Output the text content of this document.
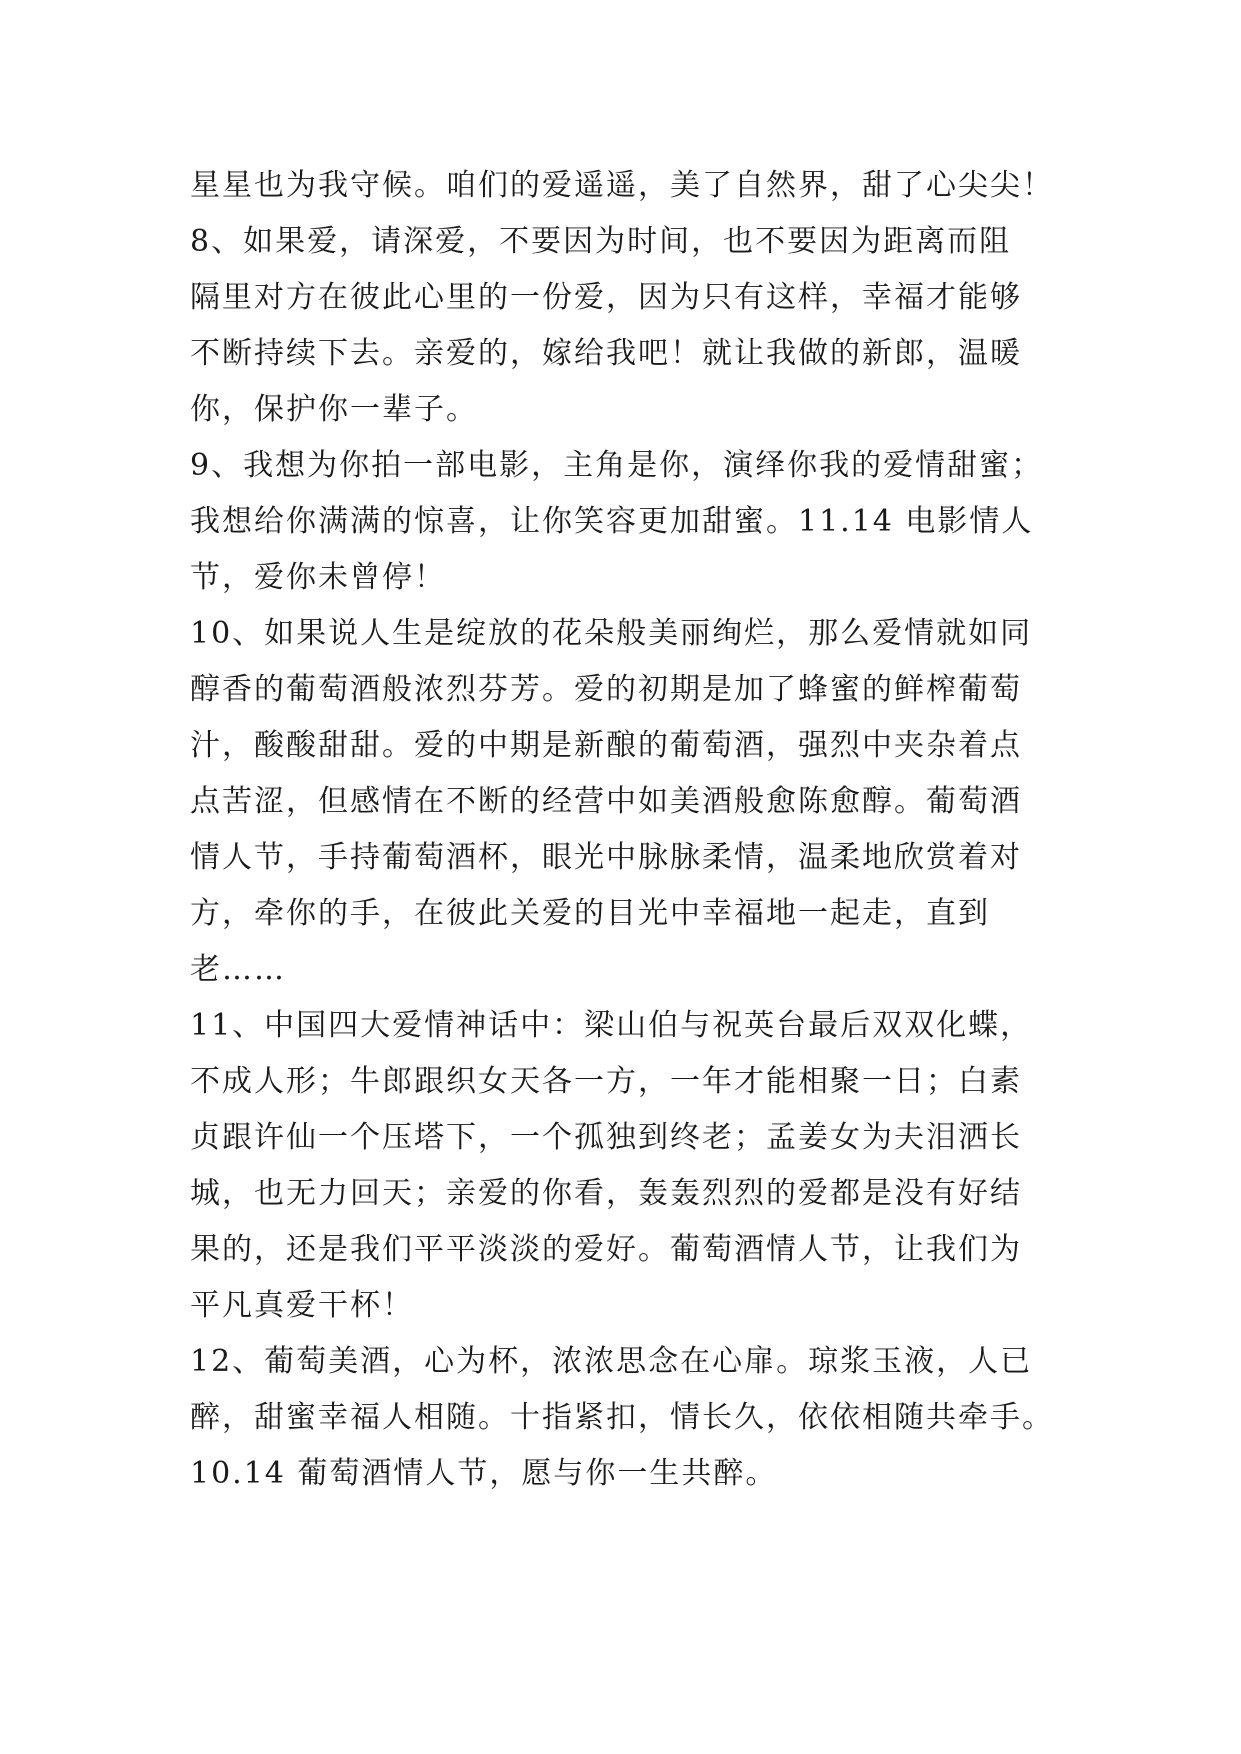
星星也为我守候。咱们的爱遥遥，美了自然界，甜了心尖尖！
8、如果爱，请深爱，不要因为时间，也不要因为距离而阻
隔里对方在彼此心里的一份爱，因为只有这样，幸福才能够
不断持续下去。亲爱的，嫁给我吧！就让我做的新郎，温暖
你，保护你一辈子。
9、我想为你拍一部电影，主角是你，演绎你我的爱情甜蜜；
我想给你满满的惊喜，让你笑容更加甜蜜。11.14 电影情人
节，爱你未曾停！
10、如果说人生是绽放的花朵般美丽绚烂，那么爱情就如同
醇香的葡萄酒般浓烈芬芳。爱的初期是加了蜂蜜的鲜榨葡萄
汁，酸酸甜甜。爱的中期是新酿的葡萄酒，强烈中夹杂着点
点苦涩，但感情在不断的经营中如美酒般愈陈愈醇。葡萄酒
情人节，手持葡萄酒杯，眼光中脉脉柔情，温柔地欣赏着对
方，牵你的手，在彼此关爱的目光中幸福地一起走，直到
老……
11、中国四大爱情神话中：梁山伯与祝英台最后双双化蝶，
不成人形；牛郎跟织女天各一方，一年才能相聚一日；白素
贞跟许仙一个压塔下，一个孤独到终老；孟姜女为夫泪洒长
城，也无力回天；亲爱的你看，轰轰烈烈的爱都是没有好结
果的，还是我们平平淡淡的爱好。葡萄酒情人节，让我们为
平凡真爱干杯！
12、葡萄美酒，心为杯，浓浓思念在心扉。琼浆玉液，人已
醉，甜蜜幸福人相随。十指紧扣，情长久，依依相随共牵手。
10.14 葡萄酒情人节，愿与你一生共醉。
